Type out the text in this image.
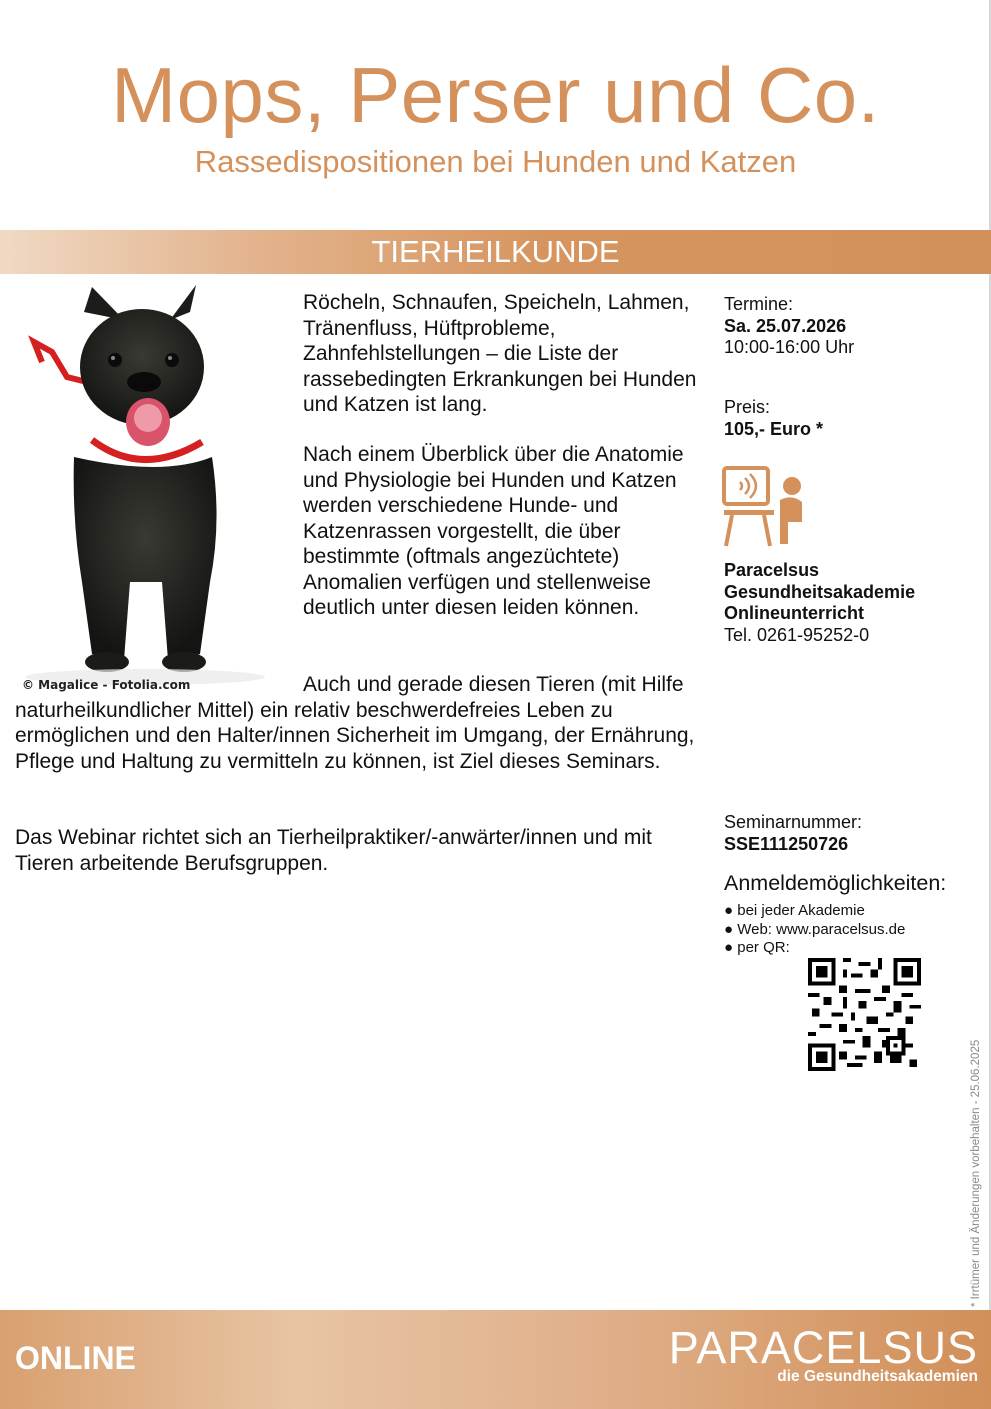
Mops, Perser und Co.
Rassedispositionen bei Hunden und Katzen
TIERHEILKUNDE
© Magalice - Fotolia.com

Röcheln, Schnaufen, Speicheln, Lahmen, Tränenfluss, Hüftprobleme, Zahnfehlstellungen – die Liste der rassebedingten Erkrankungen bei Hunden und Katzen ist lang.

Nach einem Überblick über die Anatomie und Physiologie bei Hunden und Katzen werden verschiedene Hunde- und Katzenrassen vorgestellt, die über bestimmte (oftmals angezüchtete) Anomalien verfügen und stellenweise deutlich unter diesen leiden können.

Auch und gerade diesen Tieren (mit Hilfe naturheilkundlicher Mittel) ein relativ beschwerdefreies Leben zu ermöglichen und den Halter/innen Sicherheit im Umgang, der Ernährung, Pflege und Haltung zu vermitteln zu können, ist Ziel dieses Seminars.

Das Webinar richtet sich an Tierheilpraktiker/-anwärter/innen und mit Tieren arbeitende Berufsgruppen.

Termine:
Sa. 25.07.2026
10:00-16:00 Uhr
Preis:
105,- Euro *
Paracelsus
Gesundheitsakademie
Onlineunterricht
Tel. 0261-95252-0
Seminarnummer:
SSE111250726
Anmeldemöglichkeiten:
● bei jeder Akademie
● Web: www.paracelsus.de
● per QR:
* Irrtümer und Änderungen vorbehalten - 25.06.2025
ONLINE	PARACELSUS
die Gesundheitsakademien
